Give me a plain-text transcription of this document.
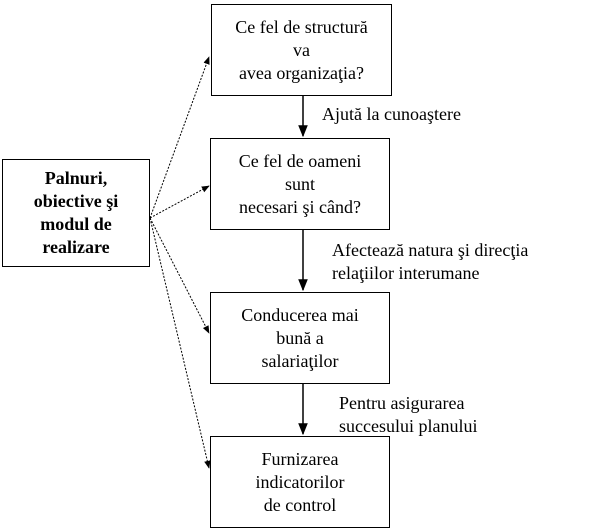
Palnuri,
obiective şi
modul de
realizare
Ce fel de structură
va
avea organizaţia?
Ce fel de oameni
sunt
necesari şi când?
Conducerea mai
bună a
salariaţilor
Furnizarea
indicatorilor
de control
Ajută la cunoaştere
Afectează natura şi direcţia
relaţiilor interumane
Pentru asigurarea
succesului planului
